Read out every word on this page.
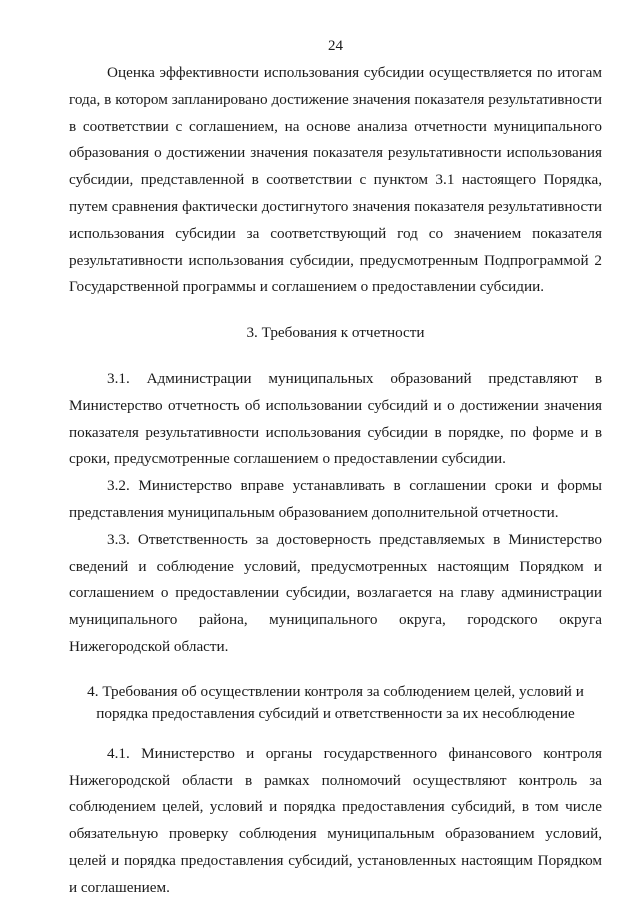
24

Оценка эффективности использования субсидии осуществляется по итогам года, в котором запланировано достижение значения показателя результативности в соответствии с соглашением, на основе анализа отчетности муниципального образования о достижении значения показателя результативности использования субсидии, представленной в соответствии с пунктом 3.1 настоящего Порядка, путем сравнения фактически достигнутого значения показателя результативности использования субсидии за соответствующий год со значением показателя результативности использования субсидии, предусмотренным Подпрограммой 2 Государственной программы и соглашением о предоставлении субсидии.

3. Требования к отчетности

3.1. Администрации муниципальных образований представляют в Министерство отчетность об использовании субсидий и о достижении значения показателя результативности использования субсидии в порядке, по форме и в сроки, предусмотренные соглашением о предоставлении субсидии.

3.2. Министерство вправе устанавливать в соглашении сроки и формы представления муниципальным образованием дополнительной отчетности.

3.3. Ответственность за достоверность представляемых в Министерство сведений и соблюдение условий, предусмотренных настоящим Порядком и соглашением о предоставлении субсидии, возлагается на главу администрации муниципального района, муниципального округа, городского округа Нижегородской области.

4. Требования об осуществлении контроля за соблюдением целей, условий и порядка предоставления субсидий и ответственности за их несоблюдение

4.1. Министерство и органы государственного финансового контроля Нижегородской области в рамках полномочий осуществляют контроль за соблюдением целей, условий и порядка предоставления субсидий, в том числе обязательную проверку соблюдения муниципальным образованием условий, целей и порядка предоставления субсидий, установленных настоящим Порядком и соглашением.
